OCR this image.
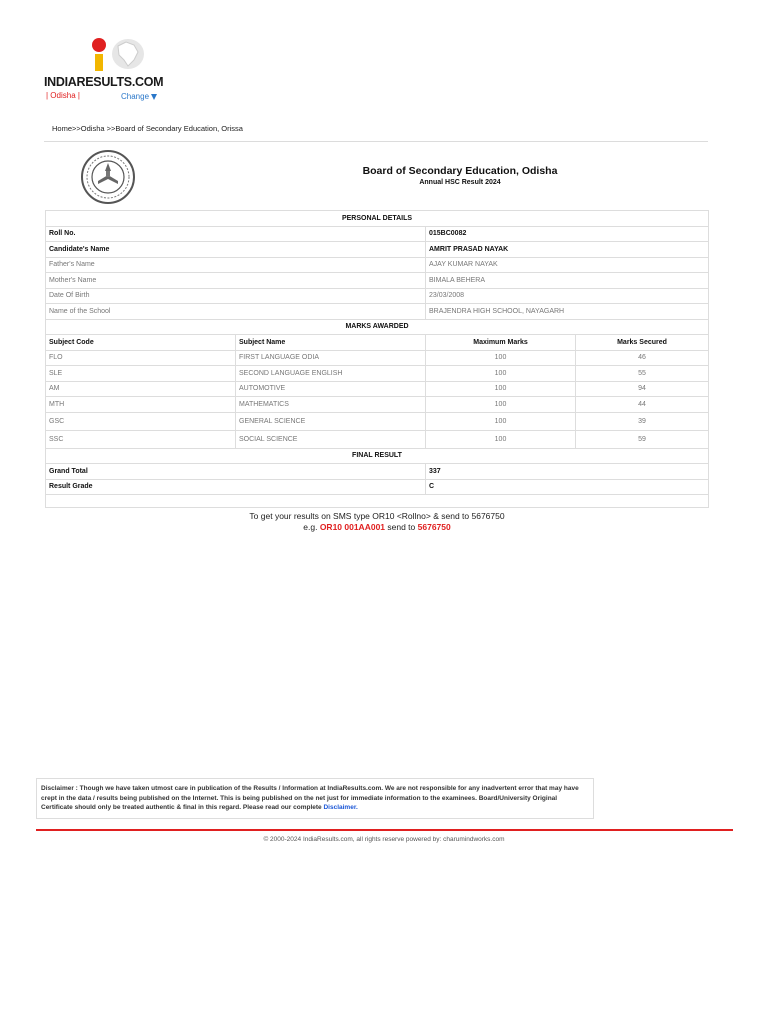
INDIARESULTS.COM
| Odisha |	Change
Home>>Odisha >>Board of Secondary Education, Orissa
Board of Secondary Education, Odisha
Annual HSC Result 2024
PERSONAL DETAILS			
Roll No.		015BC0082	
Candidate's Name		AMRIT PRASAD NAYAK	
Father's Name		AJAY KUMAR NAYAK	
Mother's Name		BIMALA BEHERA	
Date Of Birth		23/03/2008	
Name of the School		BRAJENDRA HIGH SCHOOL, NAYAGARH	
MARKS AWARDED			
Subject Code	Subject Name	Maximum Marks	Marks Secured
FLO	FIRST LANGUAGE ODIA	100	46
SLE	SECOND LANGUAGE ENGLISH	100	55
AM	AUTOMOTIVE	100	94
MTH	MATHEMATICS	100	44
GSC	GENERAL SCIENCE	100	39
SSC	SOCIAL SCIENCE	100	59
FINAL RESULT			
Grand Total		337	
Result Grade		C	

To get your results on SMS type OR10 <Rollno> & send to 5676750
e.g. OR10 001AA001 send to 5676750
Disclaimer : Though we have taken utmost care in publication of the Results / Information at IndiaResults.com. We are not responsible for any inadvertent error that may have crept in the data / results being published on the Internet. This is being published on the net just for immediate information to the examinees. Board/University Original Certificate should only be treated authentic & final in this regard. Please read our complete Disclaimer.
© 2000-2024 IndiaResults.com, all rights reserve powered by: charumindworks.com
